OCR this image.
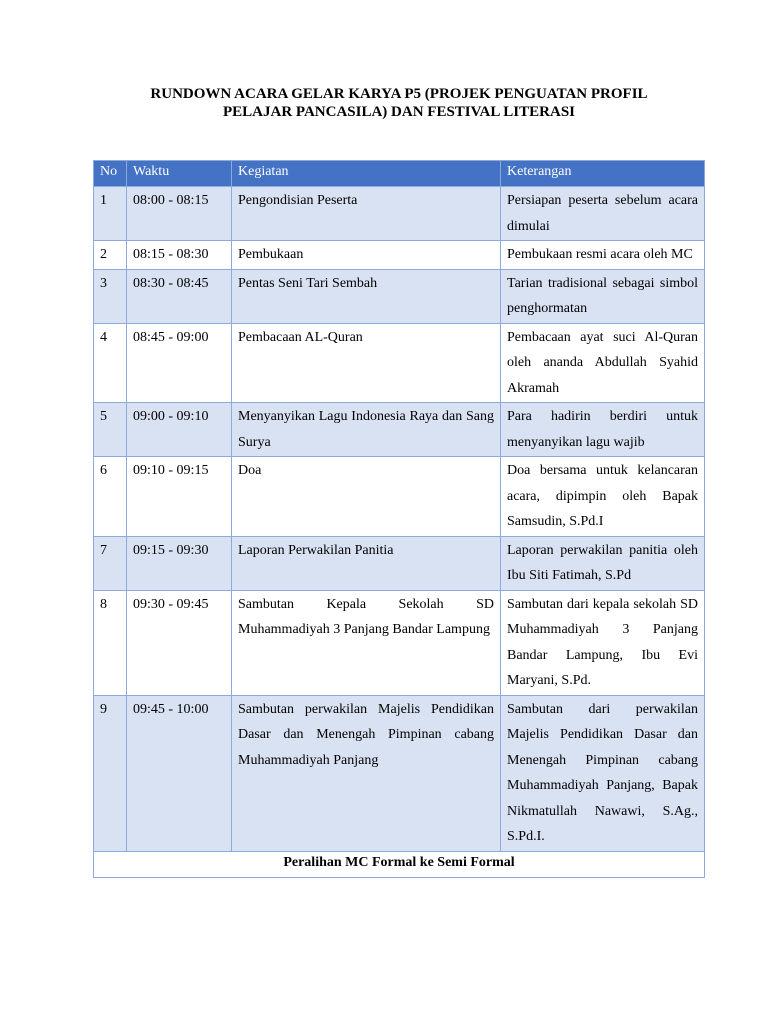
RUNDOWN ACARA GELAR KARYA P5 (PROJEK PENGUATAN PROFIL
PELAJAR PANCASILA) DAN FESTIVAL LITERASI
No	Waktu	Kegiatan	Keterangan
1	08:00 - 08:15	Pengondisian Peserta	Persiapan peserta sebelum acara dimulai
2	08:15 - 08:30	Pembukaan	Pembukaan resmi acara oleh MC
3	08:30 - 08:45	Pentas Seni Tari Sembah	Tarian tradisional sebagai simbol penghormatan
4	08:45 - 09:00	Pembacaan AL-Quran	Pembacaan ayat suci Al-Quran oleh ananda Abdullah Syahid Akramah
5	09:00 - 09:10	Menyanyikan Lagu Indonesia Raya dan Sang Surya	Para hadirin berdiri untuk menyanyikan lagu wajib
6	09:10 - 09:15	Doa	Doa bersama untuk kelancaran acara, dipimpin oleh Bapak Samsudin, S.Pd.I
7	09:15 - 09:30	Laporan Perwakilan Panitia	Laporan perwakilan panitia oleh Ibu Siti Fatimah, S.Pd
8	09:30 - 09:45	Sambutan Kepala Sekolah SD Muhammadiyah 3 Panjang Bandar Lampung	Sambutan dari kepala sekolah SD Muhammadiyah 3 Panjang Bandar Lampung, Ibu Evi Maryani, S.Pd.
9	09:45 - 10:00	Sambutan perwakilan Majelis Pendidikan Dasar dan Menengah Pimpinan cabang Muhammadiyah Panjang	Sambutan dari perwakilan Majelis Pendidikan Dasar dan Menengah Pimpinan cabang Muhammadiyah Panjang, Bapak Nikmatullah Nawawi, S.Ag., S.Pd.I.
Peralihan MC Formal ke Semi Formal			
